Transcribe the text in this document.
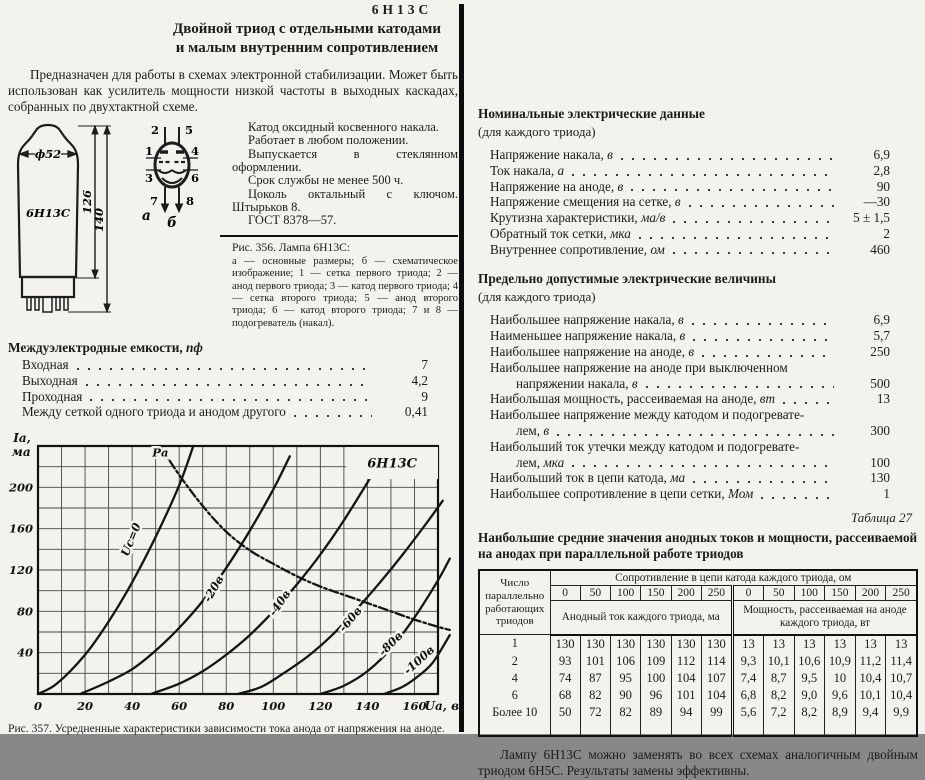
6Н13С
Двойной триод с отдельными катодами
и малым внутренним сопротивлением

Предназначен для работы в схемах электронной стабилизации. Может быть использован как усилитель мощности низкой частоты в выходных каскадах, собранных по двухтактной схеме.

ф52
6Н13С 126
140	а
2 5
1
3
4
6
7 8
б

Катод оксидный косвенного накала.

Работает в любом положении.

Выпускается в стеклянном оформлении.

Срок службы не менее 500 ч.

Цоколь октальный с ключом. Штырьков 8.

ГОСТ 8378—57.

Рис. 356. Лампа 6Н13С:

а — основные размеры; б — схематическое изображение; 1 — сетка первого триода; 2 — анод первого триода; 3 — катод первого триода; 4 — сетка второго триода; 5 — анод второго триода; 6 — катод второго триода; 7 и 8 — подогреватель (накал).

Междуэлектродные емкости, пф
Входная	7
Выходная	4,2
Проходная	9
Между сеткой одного триода и анодом другого	0,41
6Н13С
Uс=0
-20в	-40в
-60в
-80в
-100в
Pа
40
80
120
160
200
0	20	40	60	80 100 120 140 160
Uа, в
Iа,
ма

Рис. 357. Усредненные характеристики зависимости тока анода от напряжения на аноде.

Номинальные электрические данные
(для каждого триода)
Напряжение накала, в	6,9
Ток накала, а	2,8
Напряжение на аноде, в	90
Напряжение смещения на сетке, в	—30
Крутизна характеристики, ма/в	5 ± 1,5
Обратный ток сетки, мка	2
Внутреннее сопротивление, ом	460
Предельно допустимые электрические величины
(для каждого триода)
Наибольшее напряжение накала, в	6,9
Наименьшее напряжение накала, в	5,7
Наибольшее напряжение на аноде, в	250
Наибольшее напряжение на аноде при выключенном
напряжении накала, в	500
Наибольшая мощность, рассеиваемая на аноде, вт	13
Наибольшее напряжение между катодом и подогревате-
лем, в	300
Наибольший ток утечки между катодом и подогревате-
лем, мка	100
Наибольший ток в цепи катода, ма	130
Наибольшее сопротивление в цепи сетки, Мом	1
Таблица 27
Наибольшие средние значения анодных токов и мощности, рассеиваемой на анодах при параллельной работе триодов
Число параллельно работающих триодов	Сопротивление в цепи катода каждого триода, ом											
	0	50	100	150	200	250	0	50	100	150	200	250
	Анодный ток каждого триода, ма						Мощность, рассеиваемая на аноде каждого триода, вт					
1	130	130	130	130	130	130	13	13	13	13	13	13
2	93	101	106	109	112	114	9,3	10,1	10,6	10,9	11,2	11,4
4	74	87	95	100	104	107	7,4	8,7	9,5	10	10,4	10,7
6	68	82	90	96	101	104	6,8	8,2	9,0	9,6	10,1	10,4
Более 10	50	72	82	89	94	99	5,6	7,2	8,2	8,9	9,4	9,9

Лампу 6Н13С можно заменять во всех схемах аналогичным двойным триодом 6Н5С. Результаты замены эффективны.
